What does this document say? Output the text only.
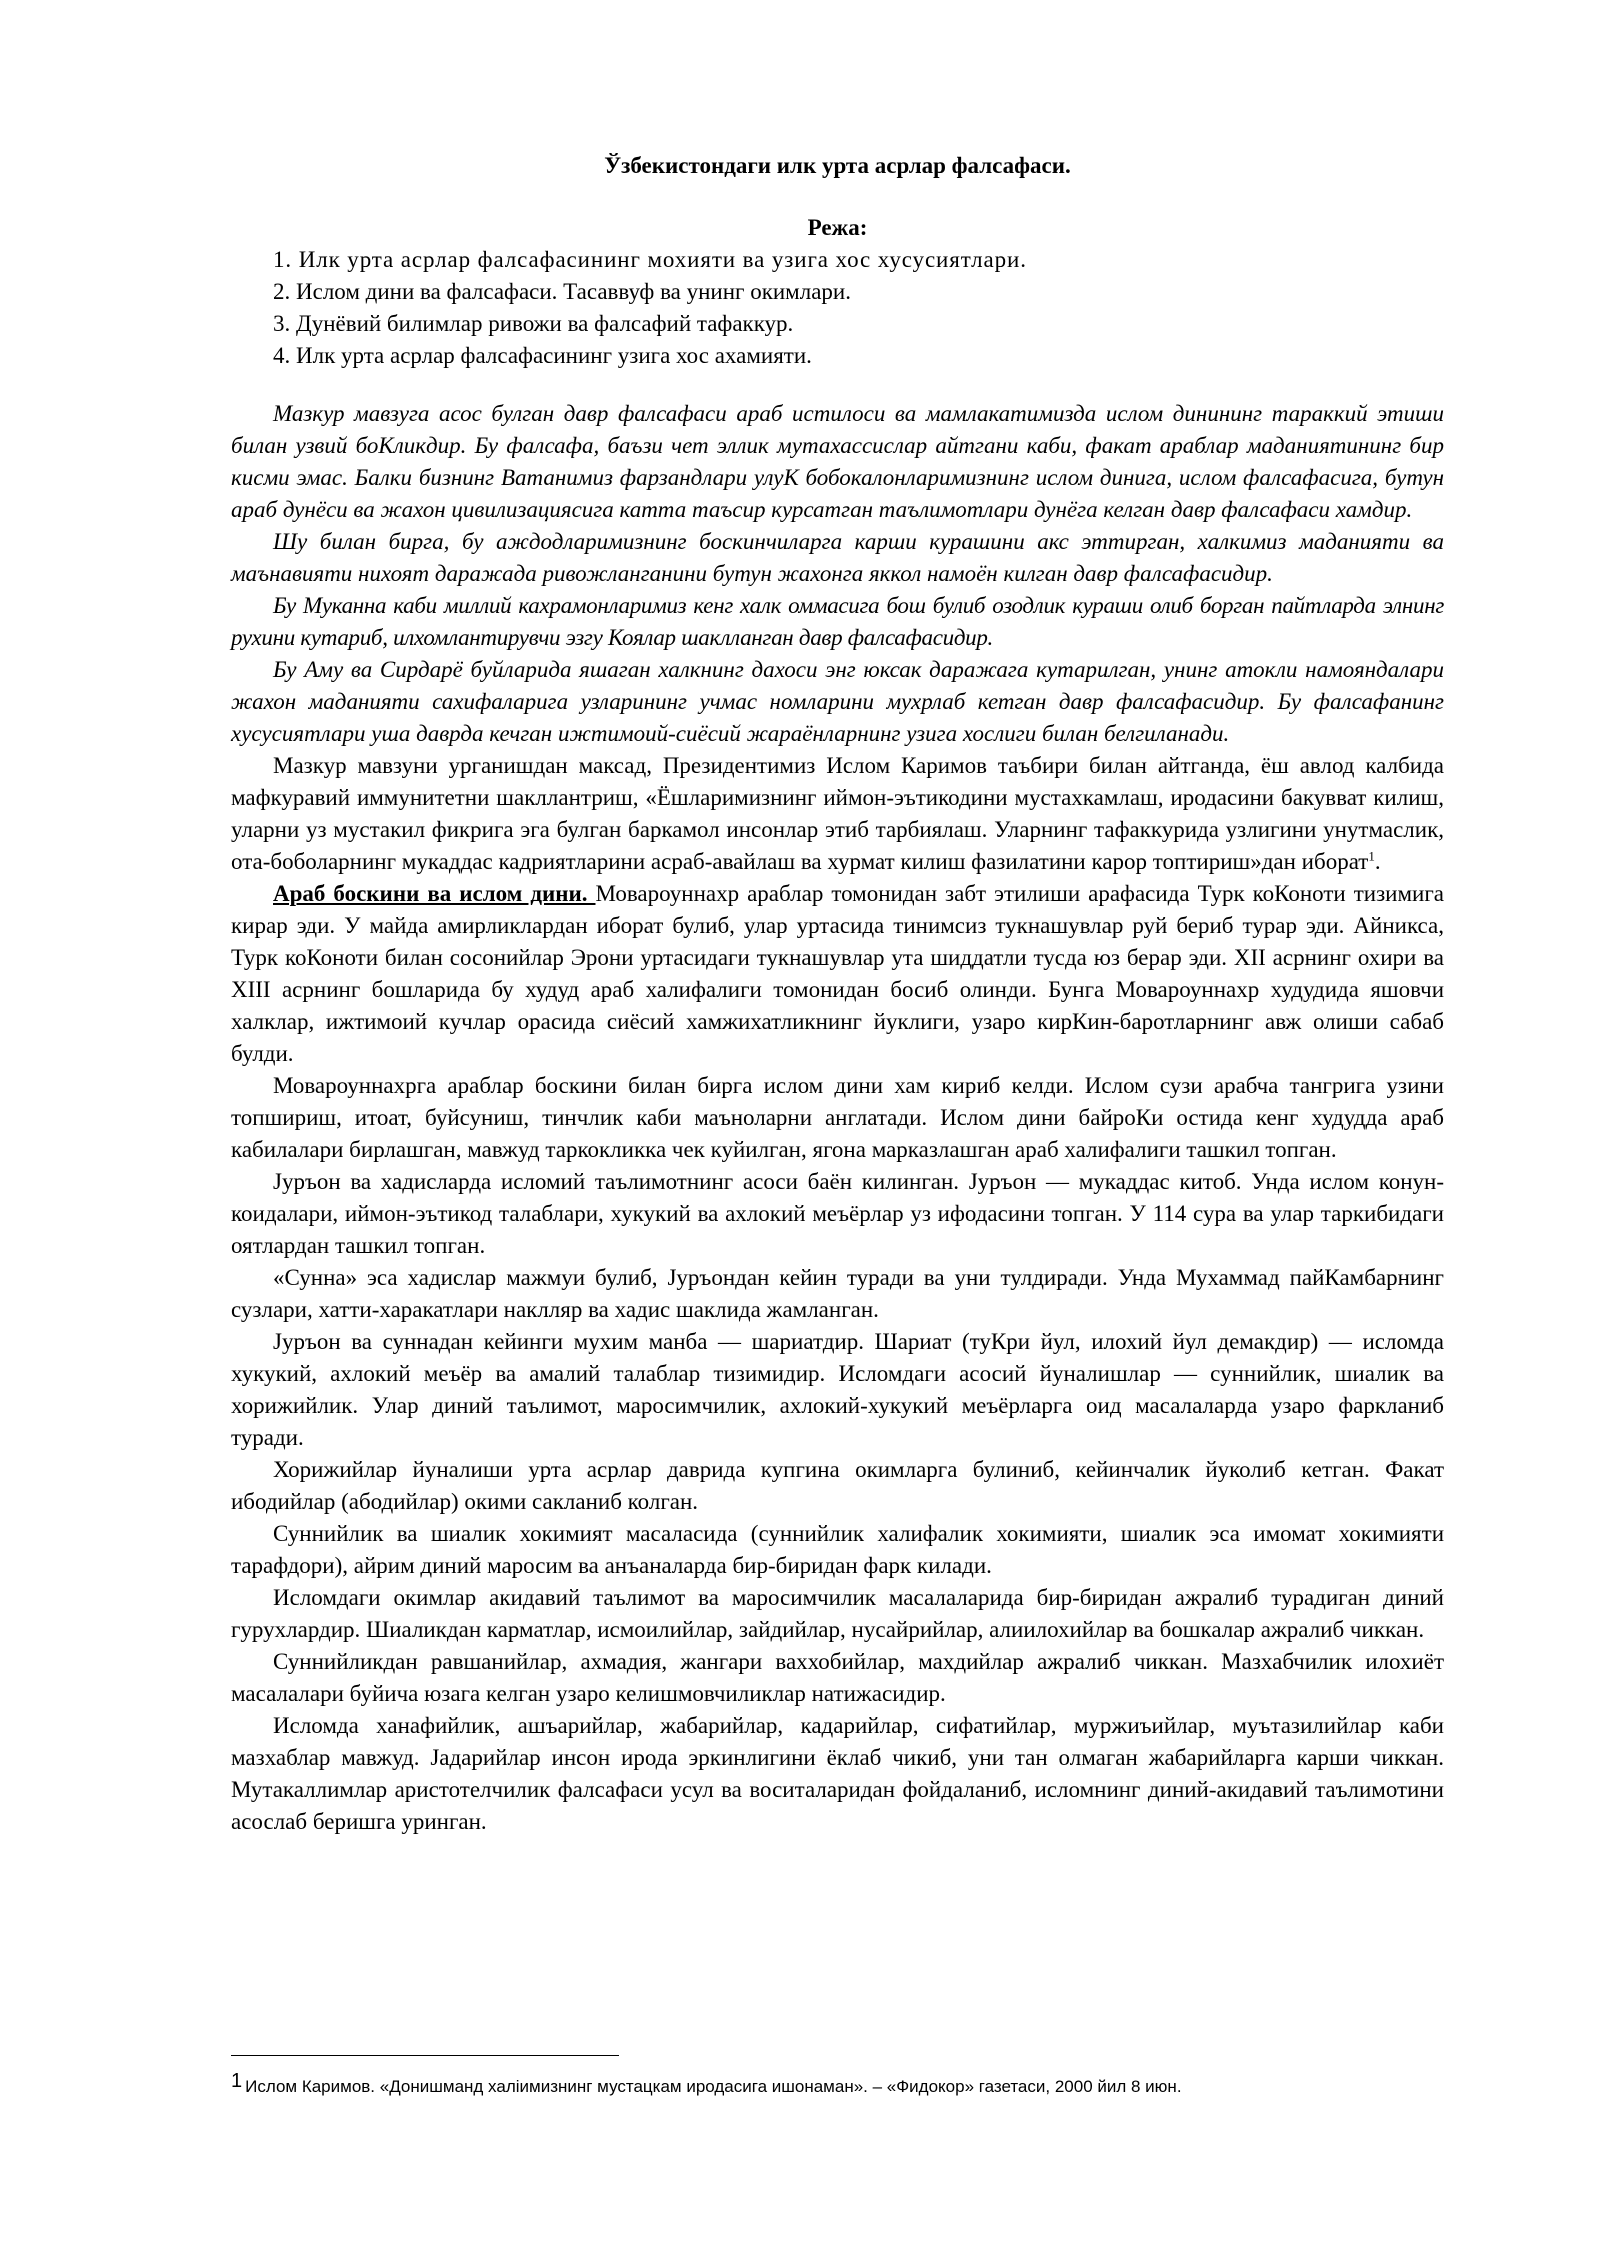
Ўзбекистондаги илк урта асрлар фалсафаси.

Режа:

1. Илк урта асрлар фалсафасининг мохияти ва узига хос хусусиятлари.
2. Ислом дини ва фалсафаси. Тасаввуф ва унинг окимлари.
3. Дунёвий билимлар ривожи ва фалсафий тафаккур.
4. Илк урта асрлар фалсафасининг узига хос ахамияти.

Мазкур мавзуга асос булган давр фалсафаси араб истилоси ва мамлакатимизда ислом динининг тараккий этиши билан узвий боКликдир. Бу фалсафа, баъзи чет эллик мутахассислар айтгани каби, факат араблар маданиятининг бир кисми эмас. Балки бизнинг Ватанимиз фарзандлари улуК бобокалонларимизнинг ислом динига, ислом фалсафасига, бутун араб дунёси ва жахон цивилизациясига катта таъсир курсатган таълимотлари дунёга келган давр фалсафаси хамдир.

Шу билан бирга, бу аждодларимизнинг боскинчиларга карши курашини акс эттирган, халкимиз маданияти ва маънавияти нихоят даражада ривожланганини бутун жахонга яккол намоён килган давр фалсафасидир.

Бу Муканна каби миллий кахрамонларимиз кенг халк оммасига бош булиб озодлик кураши олиб борган пайтларда элнинг рухини кутариб, илхомлантирувчи эзгу Коялар шаклланган давр фалсафасидир.

Бу Аму ва Сирдарё буйларида яшаган халкнинг дахоси энг юксак даражага кутарилган, унинг атокли намояндалари жахон маданияти сахифаларига узларининг учмас номларини мухрлаб кетган давр фалсафасидир. Бу фалсафанинг хусусиятлари уша даврда кечган ижтимоий-сиёсий жараёнларнинг узига хослиги билан белгиланади.

Мазкур мавзуни урганишдан максад, Президентимиз Ислом Каримов таъбири билан айтганда, ёш авлод калбида мафкуравий иммунитетни шакллантриш, «Ёшларимизнинг иймон-эътикодини мустахкамлаш, иродасини бакувват килиш, уларни уз мустакил фикрига эга булган баркамол инсонлар этиб тарбиялаш. Уларнинг тафаккурида узлигини унутмаслик, ота-боболарнинг мукаддас кадриятларини асраб-авайлаш ва хурмат килиш фазилатини карор топтириш»дан иборат$^1$.

Араб боскини ва ислом дини. Мовароуннахр араблар томонидан забт этилиши арафасида Турк коКоноти тизимига кирар эди. У майда амирликлардан иборат булиб, улар уртасида тинимсиз тукнашувлар руй бериб турар эди. Айникса, Турк коКоноти билан сосонийлар Эрони уртасидаги тукнашувлар ута шиддатли тусда юз берар эди. XII асрнинг охири ва XIII асрнинг бошларида бу худуд араб халифалиги томонидан босиб олинди. Бунга Мовароуннахр худудида яшовчи халклар, ижтимоий кучлар орасида сиёсий хамжихатликнинг йуклиги, узаро кирКин-баротларнинг авж олиши сабаб булди.

Мовароуннахрга араблар боскини билан бирга ислом дини хам кириб келди. Ислом сузи арабча тангрига узини топшириш, итоат, буйсуниш, тинчлик каби маъноларни англатади. Ислом дини байроКи остида кенг худудда араб кабилалари бирлашган, мавжуд таркокликка чек куйилган, ягона марказлашган араб халифалиги ташкил топган.

Јуръон ва хадисларда исломий таълимотнинг асоси баён килинган. Јуръон — мукаддас китоб. Унда ислом конун-коидалари, иймон-эътикод талаблари, хукукий ва ахлокий меъёрлар уз ифодасини топган. У 114 сура ва улар таркибидаги оятлардан ташкил топган.

«Сунна» эса хадислар мажмуи булиб, Јуръондан кейин туради ва уни тулдиради. Унда Мухаммад пайКамбарнинг сузлари, хатти-харакатлари наклляр ва хадис шаклида жамланган.

Јуръон ва суннадан кейинги мухим манба — шариатдир. Шариат (туКри йул, илохий йул демакдир) — исломда хукукий, ахлокий меъёр ва амалий талаблар тизимидир. Исломдаги асосий йуналишлар — суннийлик, шиалик ва хорижийлик. Улар диний таълимот, маросимчилик, ахлокий-хукукий меъёрларга оид масалаларда узаро фаркланиб туради.

Хорижийлар йуналиши урта асрлар даврида купгина окимларга булиниб, кейинчалик йуколиб кетган. Факат ибодийлар (абодийлар) окими сакланиб колган.

Суннийлик ва шиалик хокимият масаласида (суннийлик халифалик хокимияти, шиалик эса имомат хокимияти тарафдори), айрим диний маросим ва анъаналарда бир-биридан фарк килади.

Исломдаги окимлар акидавий таълимот ва маросимчилик масалаларида бир-биридан ажралиб турадиган диний гурухлардир. Шиаликдан карматлар, исмоилийлар, зайдийлар, нусайрийлар, алиилохийлар ва бошкалар ажралиб чиккан.

Суннийликдан равшанийлар, ахмадия, жангари ваххобийлар, махдийлар ажралиб чиккан. Мазхабчилик илохиёт масалалари буйича юзага келган узаро келишмовчиликлар натижасидир.

Исломда ханафийлик, ашъарийлар, жабарийлар, кадарийлар, сифатийлар, муржиъийлар, муътазилийлар каби мазхаблар мавжуд. Јадарийлар инсон ирода эркинлигини ёклаб чикиб, уни тан олмаган жабарийларга карши чиккан. Мутакаллимлар аристотелчилик фалсафаси усул ва воситаларидан фойдаланиб, исломнинг диний-акидавий таълимотини асослаб беришга уринган.

1 Ислом Каримов. «Донишманд халiимизнинг мустацкам иродасига ишонаман». – «Фидокор» газетаси, 2000 йил 8 июн.
